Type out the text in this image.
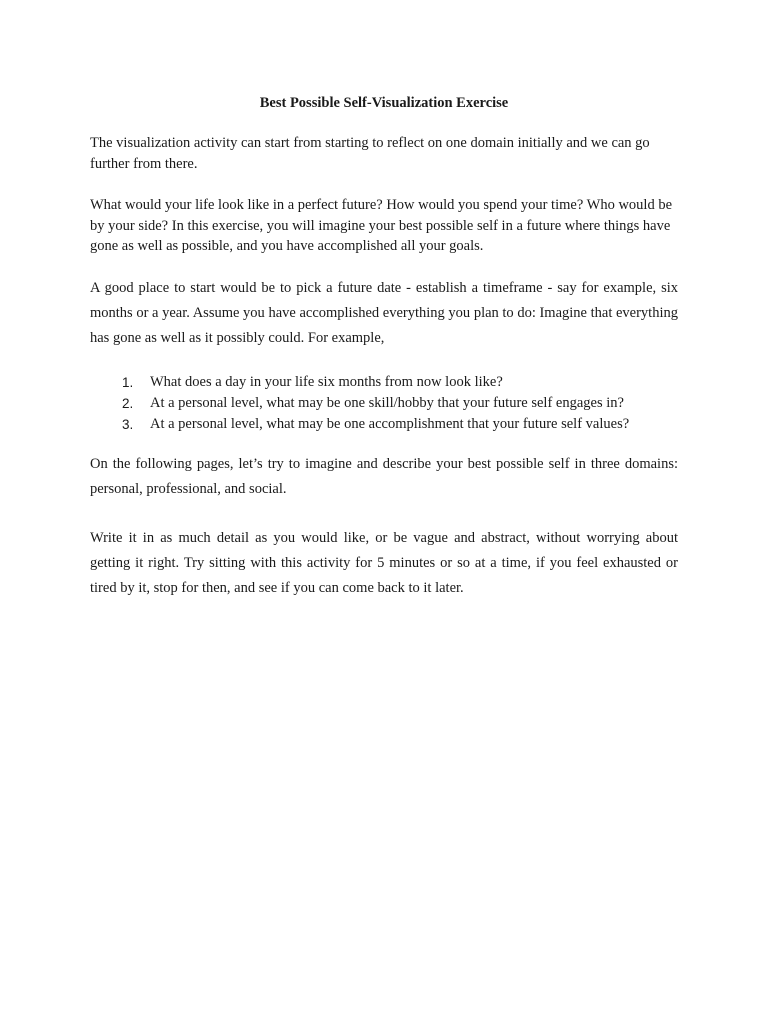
Best Possible Self-Visualization Exercise

The visualization activity can start from starting to reflect on one domain initially and we can go further from there.

What would your life look like in a perfect future? How would you spend your time? Who would be by your side? In this exercise, you will imagine your best possible self in a future where things have gone as well as possible, and you have accomplished all your goals.

A good place to start would be to pick a future date - establish a timeframe - say for example, six months or a year. Assume you have accomplished everything you plan to do: Imagine that everything has gone as well as it possibly could. For example,

1.	What does a day in your life six months from now look like?
2.	At a personal level, what may be one skill/hobby that your future self engages in?
3.	At a personal level, what may be one accomplishment that your future self values?

On the following pages, let’s try to imagine and describe your best possible self in three domains: personal, professional, and social.

Write it in as much detail as you would like, or be vague and abstract, without worrying about getting it right. Try sitting with this activity for 5 minutes or so at a time, if you feel exhausted or tired by it, stop for then, and see if you can come back to it later.
